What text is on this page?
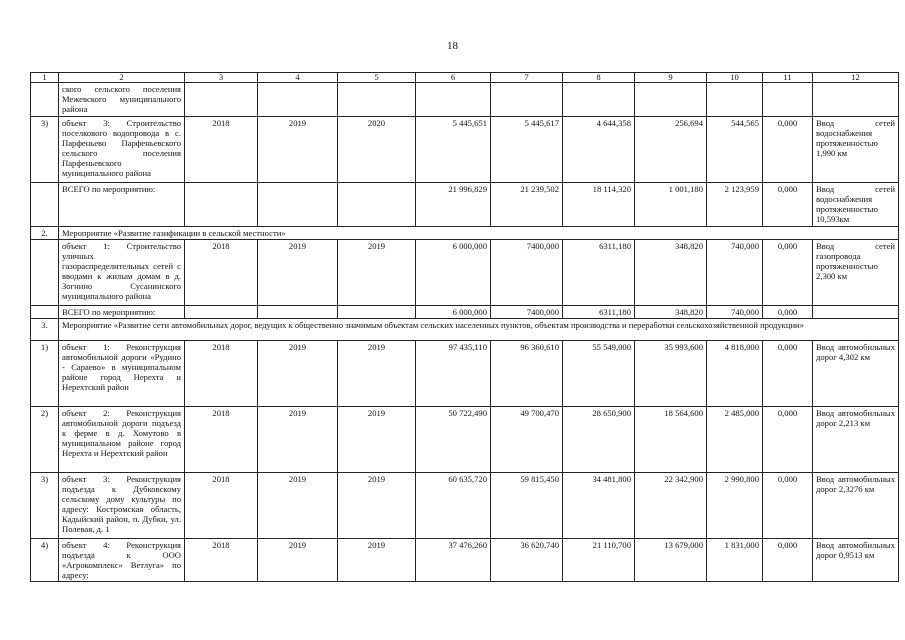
18
1	2	3	4	5	6	7	8	9	10	11	12
	ского сельского поселения Межевского муниципального района										
3)	объект 3: Строительство поселкового водопровода в с. Парфеньево Парфеньевского сельского поселения Парфеньевского муниципального района	2018	2019	2020	5 445,651	5 445,617	4 644,358	256,694	544,565	0,000	Ввод сетей водоснабжения протяженностью 1,990 км
	ВСЕГО по мероприятию:				21 996,829	21 239,502	18 114,320	1 001,180	2 123,959	0,000	Ввод сетей водоснабжения протяженностью 10,593км
2.	Мероприятие «Развитие газификации в сельской местности»										
	объект 1: Строительство уличных газораспределительных сетей с вводами к жилым домам в д. Зогнино Сусанинского муниципального района	2018	2019	2019	6 000,000	7400,000	6311,180	348,820	740,000	0,000	Ввод сетей газопровода протяженностью 2,300 км
	ВСЕГО по мероприятию:				6 000,000	7400,000	6311,180	348,820	740,000	0,000	
3.	Мероприятие «Развитие сети автомобильных дорог, ведущих к общественно значимым объектам сельских населенных пунктов, объектам производства и переработки сельскохозяйственной продукции»										
1)	объект 1: Реконструкция автомобильной дороги «Рудино - Сараево» в муниципальном районе город Нерехта и Нерехтский район	2018	2019	2019	97 435,110	96 360,610	55 549,000	35 993,600	4 818,000	0,000	Ввод автомобильных дорог 4,302 км
2)	объект 2: Реконструкция автомобильной дороги подъезд к ферме в д. Хомутово в муниципальном районе город Нерехта и Нерехтский район	2018	2019	2019	50 722,490	49 700,470	28 650,900	18 564,600	2 485,000	0,000	Ввод автомобильных дорог 2,213 км
3)	объект 3: Реконструкция подъезда к Дубковскому сельскому дому культуры по адресу: Костромская область, Кадыйский район, п. Дубки, ул. Полевая, д. 1	2018	2019	2019	60 635,720	59 815,450	34 481,800	22 342,900	2 990,800	0,000	Ввод автомобильных дорог 2,3276 км
4)	объект 4: Реконструкция подъезда к ООО «Агрокомплекс» Ветлуга» по адресу:	2018	2019	2019	37 476,260	36 620,740	21 110,700	13 679,000	1 831,000	0,000	Ввод автомобильных дорог 0,9513 км
